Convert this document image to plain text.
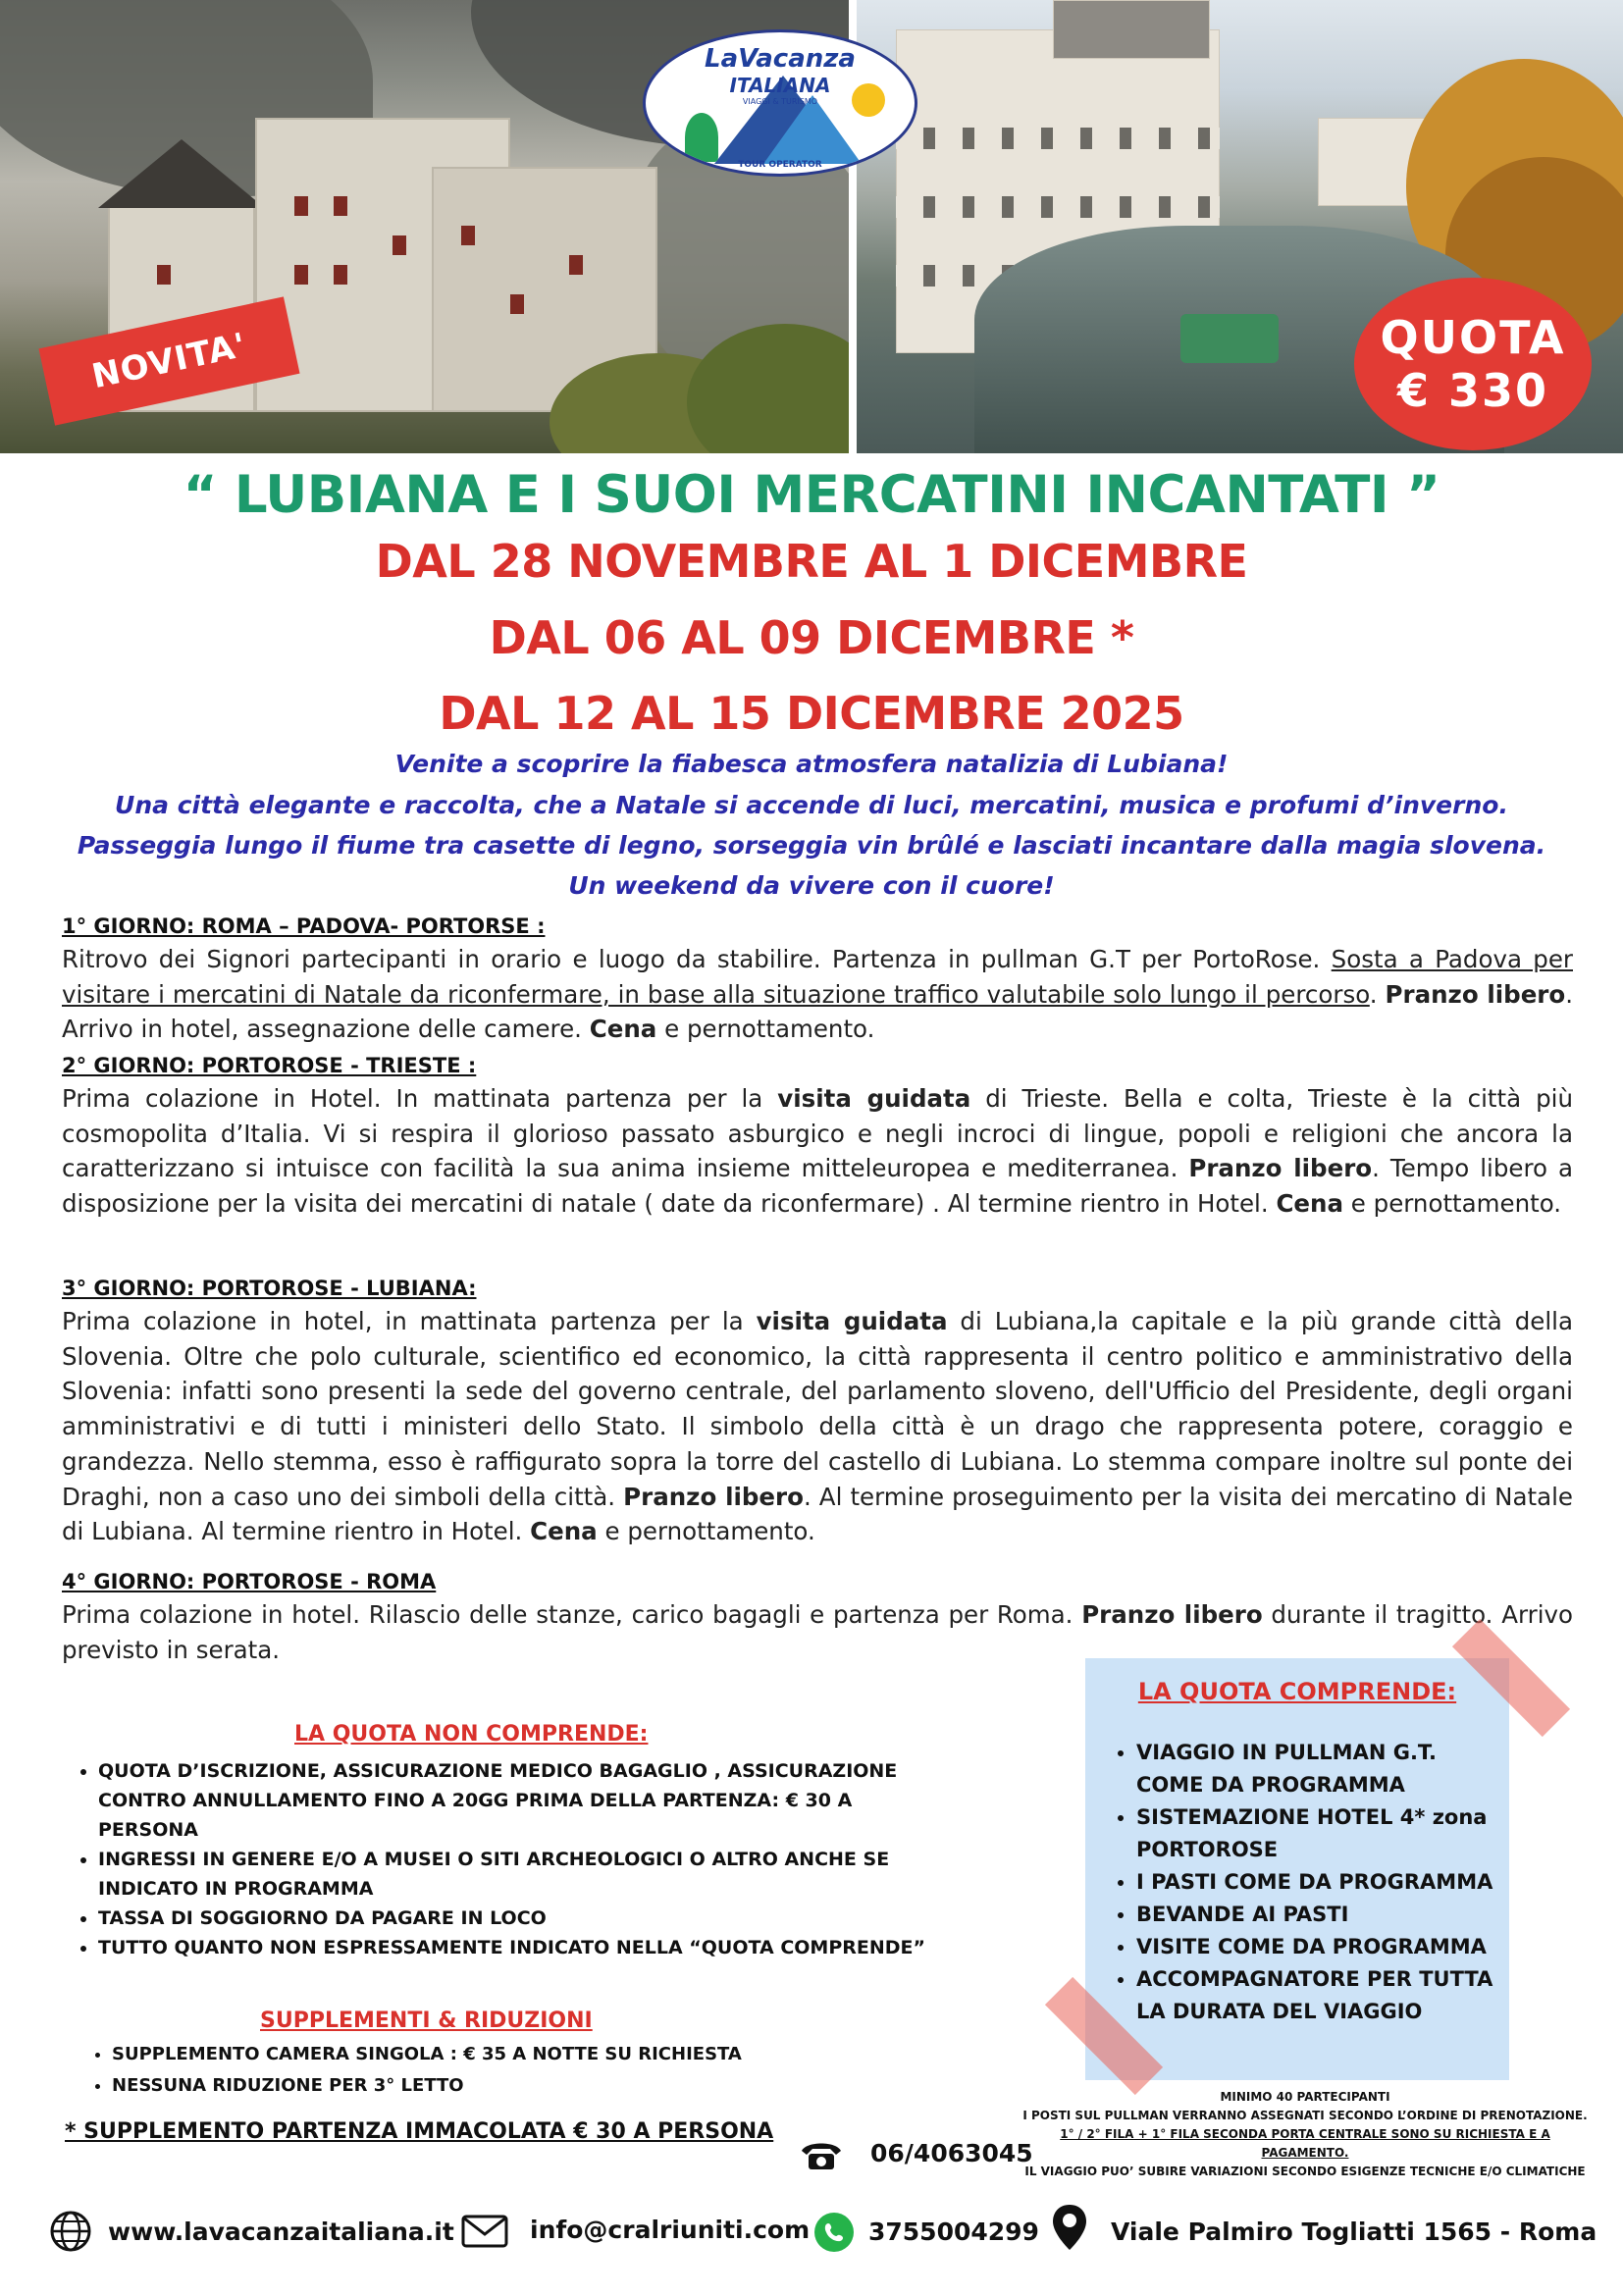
LaVacanza
ITALIANA
VIAGGI & TURISMO
TOUR OPERATOR
NOVITA'	QUOTA
€ 330
“ LUBIANA E I SUOI MERCATINI INCANTATI ”
DAL 28 NOVEMBRE AL 1 DICEMBRE
DAL 06 AL 09 DICEMBRE *
DAL 12 AL 15 DICEMBRE 2025
Venite a scoprire la fiabesca atmosfera natalizia di Lubiana!
Una città elegante e raccolta, che a Natale si accende di luci, mercatini, musica e profumi d’inverno.
Passeggia lungo il fiume tra casette di legno, sorseggia vin brûlé e lasciati incantare dalla magia slovena.
Un weekend da vivere con il cuore!
1° GIORNO: ROMA – PADOVA- PORTORSE :
Ritrovo dei Signori partecipanti in orario e luogo da stabilire. Partenza in pullman G.T per PortoRose. Sosta a Padova per visitare i mercatini di Natale da riconfermare, in base alla situazione traffico valutabile solo lungo il percorso. Pranzo libero. Arrivo in hotel, assegnazione delle camere. Cena e pernottamento.
2° GIORNO: PORTOROSE - TRIESTE :
Prima colazione in Hotel. In mattinata partenza per la visita guidata di Trieste. Bella e colta, Trieste è la città più cosmopolita d’Italia. Vi si respira il glorioso passato asburgico e negli incroci di lingue, popoli e religioni che ancora la caratterizzano si intuisce con facilità la sua anima insieme mitteleuropea e mediterranea. Pranzo libero. Tempo libero a disposizione per la visita dei mercatini di natale ( date da riconfermare) . Al termine rientro in Hotel. Cena e pernottamento.
3° GIORNO: PORTOROSE - LUBIANA:
Prima colazione in hotel, in mattinata partenza per la visita guidata di Lubiana,la capitale e la più grande città della Slovenia. Oltre che polo culturale, scientifico ed economico, la città rappresenta il centro politico e amministrativo della Slovenia: infatti sono presenti la sede del governo centrale, del parlamento sloveno, dell'Ufficio del Presidente, degli organi amministrativi e di tutti i ministeri dello Stato. Il simbolo della città è un drago che rappresenta potere, coraggio e grandezza. Nello stemma, esso è raffigurato sopra la torre del castello di Lubiana. Lo stemma compare inoltre sul ponte dei Draghi, non a caso uno dei simboli della città. Pranzo libero. Al termine proseguimento per la visita dei mercatino di Natale di Lubiana. Al termine rientro in Hotel. Cena e pernottamento.
4° GIORNO: PORTOROSE - ROMA
Prima colazione in hotel. Rilascio delle stanze, carico bagagli e partenza per Roma. Pranzo libero durante il tragitto. Arrivo previsto in serata.
LA QUOTA NON COMPRENDE:
• QUOTA D’ISCRIZIONE, ASSICURAZIONE MEDICO BAGAGLIO , ASSICURAZIONE CONTRO ANNULLAMENTO FINO A 20GG PRIMA DELLA PARTENZA: € 30 A PERSONA
• INGRESSI IN GENERE E/O A MUSEI O SITI ARCHEOLOGICI O ALTRO ANCHE SE INDICATO IN PROGRAMMA
• TASSA DI SOGGIORNO DA PAGARE IN LOCO
• TUTTO QUANTO NON ESPRESSAMENTE INDICATO NELLA “QUOTA COMPRENDE”
SUPPLEMENTI & RIDUZIONI
• SUPPLEMENTO CAMERA SINGOLA : € 35 A NOTTE SU RICHIESTA
• NESSUNA RIDUZIONE PER 3° LETTO
* SUPPLEMENTO PARTENZA IMMACOLATA € 30 A PERSONA
LA QUOTA COMPRENDE:
• VIAGGIO IN PULLMAN G.T. COME DA PROGRAMMA
• SISTEMAZIONE HOTEL 4* zona PORTOROSE
• I PASTI COME DA PROGRAMMA
• BEVANDE AI PASTI
• VISITE COME DA PROGRAMMA
• ACCOMPAGNATORE PER TUTTA LA DURATA DEL VIAGGIO
MINIMO 40 PARTECIPANTI
I POSTI SUL PULLMAN VERRANNO ASSEGNATI SECONDO L’ORDINE DI PRENOTAZIONE. 1° / 2° FILA + 1° FILA SECONDA PORTA CENTRALE SONO SU RICHIESTA E A PAGAMENTO.
IL VIAGGIO PUO’ SUBIRE VARIAZIONI SECONDO ESIGENZE TECNICHE E/O CLIMATICHE
06/4063045
www.lavacanzaitaliana.it	info@cralriuniti.com 3755004299	Viale Palmiro Togliatti 1565 - Roma
